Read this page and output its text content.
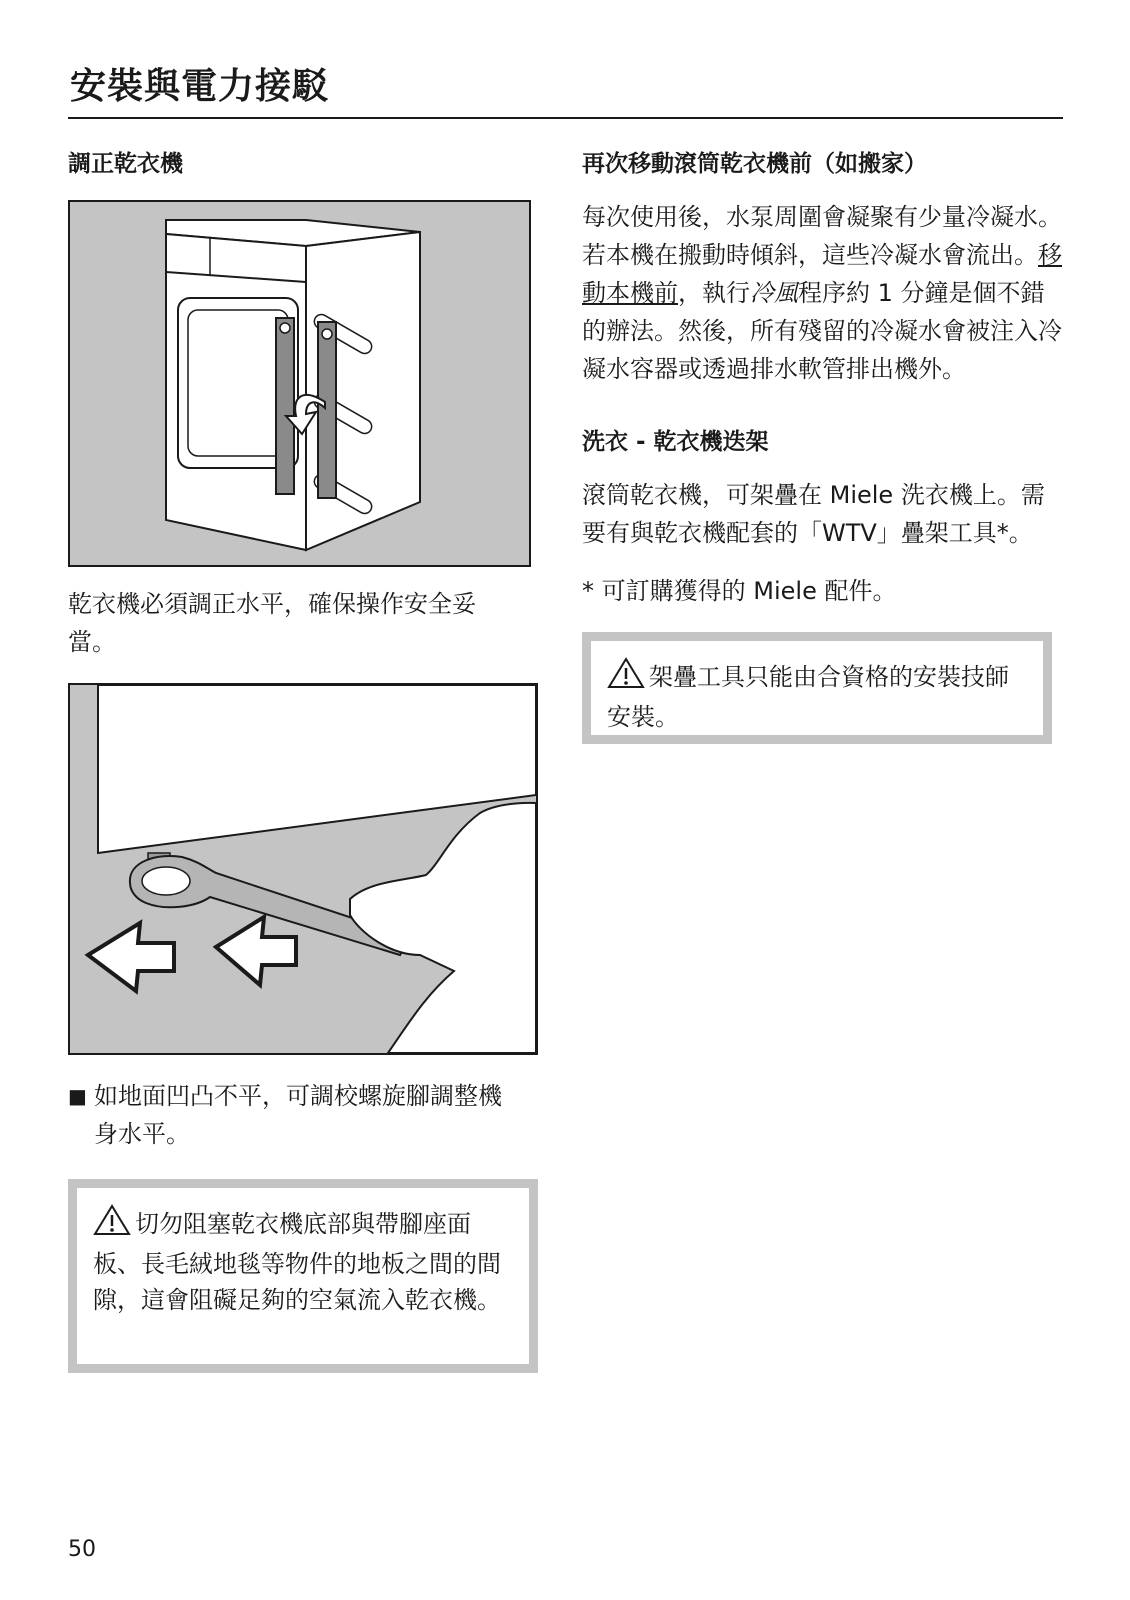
安裝與電力接駁
調正乾衣機

乾衣機必須調正水平，確保操作安全妥當。

■ 如地面凹凸不平，可調校螺旋腳調整機身水平。
切勿阻塞乾衣機底部與帶腳座面板、長毛絨地毯等物件的地板之間的間隙，這會阻礙足夠的空氣流入乾衣機。
再次移動滾筒乾衣機前（如搬家）

每次使用後，水泵周圍會凝聚有少量冷凝水。若本機在搬動時傾斜，這些冷凝水會流出。移動本機前，執行冷風程序約 1 分鐘是個不錯的辦法。然後，所有殘留的冷凝水會被注入冷凝水容器或透過排水軟管排出機外。

洗衣 - 乾衣機迭架

滾筒乾衣機，可架疊在 Miele 洗衣機上。需要有與乾衣機配套的「WTV」疊架工具*。

* 可訂購獲得的 Miele 配件。

架疊工具只能由合資格的安裝技師安裝。
50
